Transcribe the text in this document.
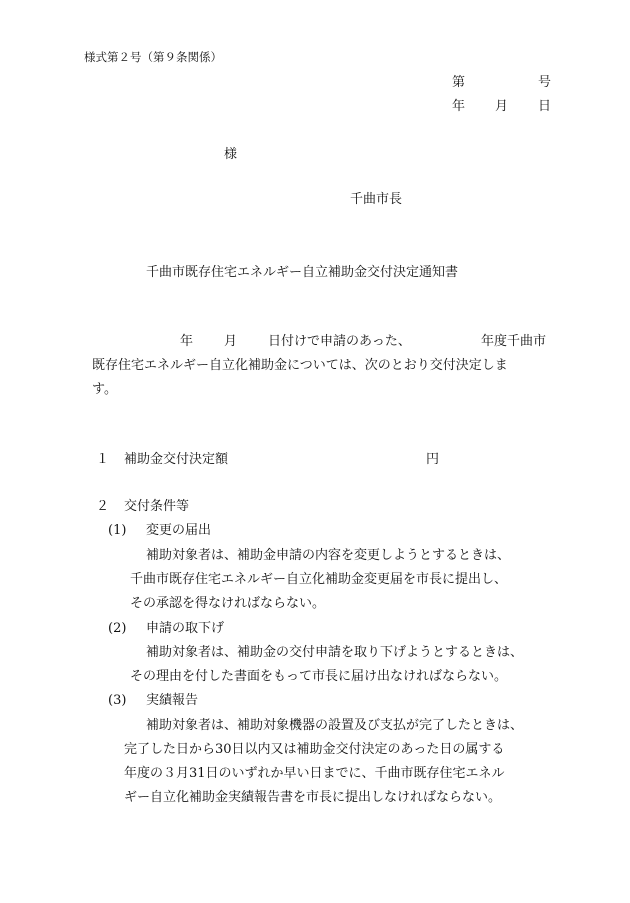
様式第２号（第９条関係）
第	号
年 月 日
様
千曲市長
千曲市既存住宅エネルギー自立補助金交付決定通知書
年 月 日付けで申請のあった、	年度千曲市
既存住宅エネルギー自立化補助金については、次のとおり交付決定しま
す。
１ 補助金交付決定額	円
２ 交付条件等
(1) 変更の届出
補助対象者は、補助金申請の内容を変更しようとするときは、
千曲市既存住宅エネルギー自立化補助金変更届を市長に提出し、
その承認を得なければならない。
(2) 申請の取下げ
補助対象者は、補助金の交付申請を取り下げようとするときは、
その理由を付した書面をもって市長に届け出なければならない。
(3) 実績報告
補助対象者は、補助対象機器の設置及び支払が完了したときは、
完了した日から30日以内又は補助金交付決定のあった日の属する
年度の３月31日のいずれか早い日までに、千曲市既存住宅エネル
ギー自立化補助金実績報告書を市長に提出しなければならない。
